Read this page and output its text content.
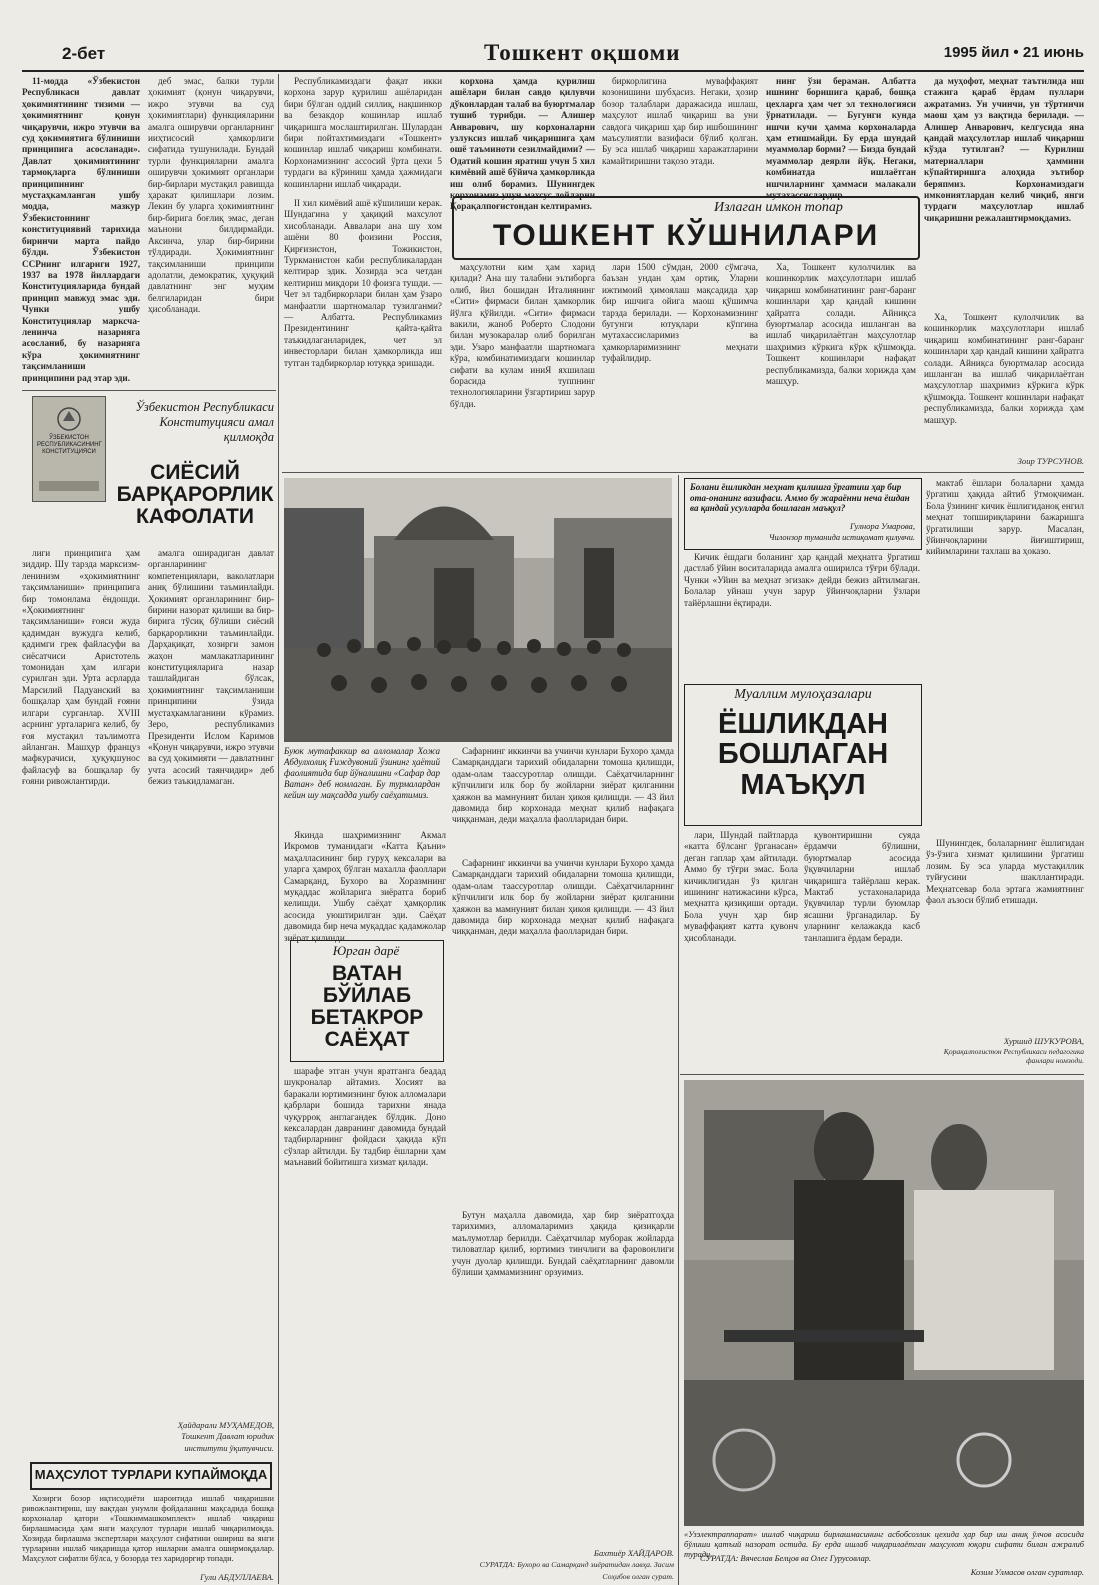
2-бет	Тошкент оқшоми	1995 йил • 21 июнь

11-модда «Ўзбекистон Республикаси давлат ҳокимиятининг тизими — ҳокимиятнинг қонун чиқарувчи, ижро этувчи ва суд ҳокимиятига бўлиниши принципига асосланади». Давлат ҳокимиятининг тармоқларга бўлиниши принципининг мустаҳкамланган ушбу модда, мазкур Ўзбекистоннинг конституциявий тарихида биринчи марта пайдо бўлди. Ўзбекистон ССРнинг илгариги 1927, 1937 ва 1978 йиллардаги Конституцияларида бундай принцип мавжуд эмас эди. Чунки ушбу Конституциялар марксча-ленинча назарияга асосланиб, бу назарияга кўра ҳокимиятнинг тақсимланиши принципини рад этар эди.

деб эмас, балки турли ҳокимият (қонун чиқарувчи, ижро этувчи ва суд ҳокимиятлари) функцияларини амалга оширувчи органларнинг ииҳтисосий ҳамкорлиги сифатида тушунилади. Бундай турли функцияларни амалга оширувчи ҳокимият органлари бир-бирлари мустақил равишда ҳаракат қилишлари лозим. Лекин бу уларга ҳокимиятнинг бир-бирига боғлиқ эмас, деган маънони билдирмайди. Аксинча, улар бир-бирини тўлдиради. Ҳокимиятнинг тақсимланиши принципи адолатли, демократик, ҳуқуқий давлатнинг энг муҳим белгиларидан бири ҳисобланади.

ЎЗБЕКИСТОН РЕСПУБЛИКАСИНИНГ КОНСТИТУЦИЯСИ
Ўзбекистон Республикаси Конституцияси амал қилмоқда
СИЁСИЙ БАРҚАРОРЛИК КАФОЛАТИ

лиги принципига ҳам зиддир. Шу тарзда марксизм-ленинизм «ҳокимиятнинг тақсимланиши» принципига бир томонлама ёндошди. «Ҳокимиятнинг тақсимланиши» ғояси жуда қадимдан вужудга келиб, қадимги грек файласуфи ва сиёсатчиси Аристотель томонидан ҳам илгари сурилган эди. Урта асрларда Марсилий Падуанский ва бошқалар ҳам бундай ғояни илгари сурганлар. XVIII асрнинг урталарига келиб, бу ғоя мустақил таълимотга айланган. Машҳур француз мафкурачиси, ҳуқуқшунос файласуф ва бошқалар бу ғояни ривожлантирди.

амалга оширадиган давлат органларининг компетенциялари, ваколатлари аниқ бўлишини таъминлайди. Ҳокимият органларининг бир-бирини назорат қилиши ва бир-бирига тўсиқ бўлиши сиёсий барқарорликни таъминлайди. Дарҳақиқат, хозирги замон жаҳон мамлакатларининг конституцияларига назар ташлайдиган бўлсак, ҳокимиятнинг тақсимланиши принципини ўзида мустаҳкамлаганини кўрамиз. Зеро, республикамиз Президенти Ислом Каримов «Қонун чиқарувчи, ижро этувчи ва суд ҳокимияти — давлатнинг учта асосий таянчидир» деб бежиз таъкидламаган.

Ҳайдарали МУҲАМЕДОВ,
Тошкент Давлат юридик институти ўқитувчиси.
МАҲСУЛОТ ТУРЛАРИ КУПАЙМОҚДА

Хозирги бозор иқтисодиёти шароитида ишлаб чиқаришни ривожлантириш, шу вақтдан унумли фойдаланиш мақсадида бошқа корхоналар қатори «Тошкиммашкомплект» ишлаб чиқариш бирлашмасида ҳам янги маҳсулот турлари ишлаб чиқарилмоқда. Хозирда бирлашма экспертлари маҳсулот сифатини ошириш ва янги турларини ишлаб чиқаришда қатор ишларни амалга оширмоқдалар. Маҳсулот сифатли бўлса, у бозорда тез харидоргир топади.

Гули АБДУЛЛАЕВА.

Республикамиздаги фақат икки корхона зарур қурилиш ашёларидан бири бўлган оддий силлиқ, нақшинкор ва безакдор кошинлар ишлаб чиқаришга мослаштирилган. Шулардан бири пойтахтимиздаги «Тошкент» кошинлар ишлаб чиқариш комбинати. Корхонамизнинг ассосий ўрта цехи 5 турдаги ва кўриниш ҳамда ҳажмидаги кошинларни ишлаб чиқаради.

корхона ҳамда қурилиш ашёлари билан савдо қилувчи дўконлардан талаб ва буюртмалар тушиб турибди. — Алишер Анварович, шу корхоналарни узлуксиз ишлаб чиқаришига ҳам ошё таъминоти сезилмайдими? — Одатий кошин яратиш учун 5 хил кимёвий ашё бўйича ҳамкорликда иш олиб борамиз. Шунингдек корхонамиз учун махсус лойларни Қорақалпоғистондан келтирамиз.

биркорлигина муваффақият козонишини шубҳасиз. Негаки, ҳозир бозор талаблари даражасида ишлаш, маҳсулот ишлаб чиқариш ва уни савдога чиқариш ҳар бир ишбошининг маъсулиятли вазифаси бўлиб қолган. Бу эса ишлаб чиқариш харажатларини камайтиришни тақозо этади.

нинг ўзи бераман. Албатта ишнинг боришига қараб, бошқа цехларга ҳам чет эл технологияси ўрнатилади. — Бугунги кунда ишчи кучи ҳамма корхоналарда ҳам етишмайди. Бу ерда шундай муаммолар борми? — Бизда бундай муаммолар деярли йўқ. Негаки, комбинатда ишлаётган ишчиларнинг ҳаммаси малакали мутахассислардир.

да муҳофот, меҳнат таътилида иш стажига қараб ёрдам пуллари ажратамиз. Ун учинчи, ун тўртинчи маош ҳам уз вақтида берилади. — Алишер Анварович, келгусида яна қандай маҳсулотлар ишлаб чиқариш кўзда тутилган? — Курилиш материаллари ҳаммини кўпайтиришга алоҳида эътибор беряпмиз. Корхонамиздаги имкониятлардан келиб чиқиб, янги турдаги маҳсулотлар ишлаб чиқаришни режалаштирмоқдамиз.

Излаган имкон топар
ТОШКЕНТ КЎШНИЛАРИ

II хил кимёвий ашё кўшилиши керак. Шундагина у ҳақиқий махсулот хисобланади. Аввалари ана шу хом ашёни 80 фоизини Россия, Қирғизистон, Тожикистон, Туркманистон каби республикалардан келтирар эдик. Хозирда эса четдан келтириш миқдори 10 фоизга тушди. — Чет эл тадбиркорлари билан ҳам ўзаро манфаатли шартномалар тузилганми? — Албатта. Республикамиз Президентининг қайта-қайта таъкидлаганларидек, чет эл инвесторлари билан ҳамкорликда иш тутган тадбиркорлар ютуққа эришади.

маҳсулотни ким ҳам харид қилади? Ана шу талабни эътиборга олиб, йил бошидан Италиянинг «Сити» фирмаси билан ҳамкорлик йўлга қўйилди. «Сити» фирмаси вакили, жаноб Роберто Слодони билан музокаралар олиб борилган эди. Узаро манфаатли шартномага кўра, комбинатимиздаги кошинлар сифати ва кулам иниЯ яхшилаш борасида туппнинг технологияларини ўзгартириш зарур бўлди.

лари 1500 сўмдан, 2000 сўмгача, баъзан ундан ҳам ортиқ. Уларни ижтимоий ҳимоялаш мақсадида ҳар бир ишчига ойига маош қўшимча тарзда берилади. — Корхонамизнинг бугунги ютуқлари кўпгина мутахассисларимиз ва ҳамкорларимизнинг меҳнати туфайлидир.

Ха, Тошкент кулолчилик ва кошинкорлик маҳсулотлари ишлаб чиқариш комбинатининг ранг-баранг кошинлари ҳар қандай кишини ҳайратга солади. Айниқса буюртмалар асосида ишланган ва ишлаб чиқарилаётган маҳсулотлар шаҳримиз кўркига кўрк қўшмоқда. Тошкент кошинлари нафақат республикамизда, балки хорижда ҳам машҳур.

Ха, Тошкент кулолчилик ва кошинкорлик маҳсулотлари ишлаб чиқариш комбинатининг ранг-баранг кошинлари ҳар қандай кишини ҳайратга солади. Айниқса буюртмалар асосида ишланган ва ишлаб чиқарилаётган маҳсулотлар шаҳримиз кўркига кўрк қўшмоқда. Тошкент кошинлари нафақат республикамизда, балки хорижда ҳам машҳур.

Зоир ТУРСУНОВ.
Буюк мутафаккир ва алломалар Хожа Абдулхолиқ Ғиждувоний ўзининг ҳаётий фаолиятида бир йўналишни «Сафар дар Ватан» деб номлаган. Бу турмалардан кейин шу мақсадда ушбу саёҳатимиз.

Сафарнинг иккинчи ва учинчи кунлари Бухоро ҳамда Самарқанддаги тарихий обидаларни томоша қилишди, одам-олам таассуротлар олишди. Саёҳатчиларнинг кўпчилиги илк бор бу жойларни зиёрат қилганини ҳаяжон ва мамнуният билан ҳикоя қилишди. — 43 йил давомида бир корхонада меҳнат қилиб нафақага чиққанман, деди маҳалла фаолларидан бири.

Якинда шаҳримизнинг Акмал Икромов туманидаги «Катта Қаъни» маҳалласининг бир гуруҳ кексалари ва уларга ҳамроҳ бўлган махалла фаоллари Самарқанд, Бухоро ва Хоразмнинг муқаддас жойларига зиёратга бориб келишди. Ушбу саёҳат ҳамқорлик асосида уюштирилган эди. Саёҳат давомида бир неча муқаддас қадамжолар зиёрат қилинди.

Юрган дарё
ВАТАН БЎЙЛАБ БЕТАКРОР САЁҲАТ

Сафарнинг иккинчи ва учинчи кунлари Бухоро ҳамда Самарқанддаги тарихий обидаларни томоша қилишди, одам-олам таассуротлар олишди. Саёҳатчиларнинг кўпчилиги илк бор бу жойларни зиёрат қилганини ҳаяжон ва мамнуният билан ҳикоя қилишди. — 43 йил давомида бир корхонада меҳнат қилиб нафақага чиққанман, деди маҳалла фаолларидан бири.

шарафе этган учун яратганга беадад шукроналар айтамиз. Хосият ва баракали юртимизнинг буюк алломалари қабрлари бошида тарихни янада чуқурроқ англагандек бўлдик. Доно кексалардан давранинг давомида бундай тадбирларнинг фойдаси ҳақида кўп сўзлар айтилди. Бу тадбир ёшларни ҳам маънавий бойитишга хизмат қилади.

Бутун маҳалла давомида, ҳар бир зиёратгоҳда тарихимиз, алломаларимиз ҳақида қизиқарли маълумотлар берилди. Саёҳатчилар муборак жойларда тиловатлар қилиб, юртимиз тинчлиги ва фаровонлиги учун дуолар қилишди. Бундай саёҳатларнинг давомли бўлиши ҳаммамизнинг орзуимиз.

Бахтиёр ХАЙДАРОВ.
СУРАТДА: Бухоро ва Самарқанд зиёратидан лавҳа. Засим Соҳибов олган сурат.
Болани ёшликдан меҳнат қилишга ўргатиш ҳар бир ота-онанинг вазифаси. Аммо бу жараённи неча ёшдан ва қандай усулларда бошлаган маъқул?
Гулнора Умарова,
Чилонзор туманида истиқомат қилувчи.

Кичик ёшдаги боланинг ҳар қандай меҳнатга ўргатиш дастлаб ўйин воситаларида амалга оширилса тўғри бўлади. Чунки «Уйин ва меҳнат эгизак» дейди бежиз айтилмаган. Болалар уйнаш учун зарур ўйинчоқларни ўзлари тайёрлашни ёқтиради.

мактаб ёшлари болаларни ҳамда ўргатиш ҳақида айтиб ўтмоқчиман. Бола ўзининг кичик ёшлигиданоқ енгил меҳнат топшириқларини бажаришга ўргатилиши зарур. Масалан, ўйинчоқларини йиғиштириш, кийимларини тахлаш ва ҳоказо.

Муаллим мулоҳазалари
ЁШЛИКДАН БОШЛАГАН МАЪҚУЛ

лари, Шундай пайтларда «катта бўлсанг ўрганасан» деган гаплар ҳам айтилади. Аммо бу тўғри эмас. Бола кичиклигидан ўз қилган ишининг натижасини кўрса, меҳнатга қизиқиши ортади. Бола учун ҳар бир муваффақият катта қувонч ҳисобланади.

қувонтиришни суяда ёрдамчи бўлишни, буюртмалар асосида ўқувчиларни ишлаб чиқаришга тайёрлаш керак. Мактаб устахоналарида ўқувчилар турли буюмлар ясашни ўрганадилар. Бу уларнинг келажакда касб танлашига ёрдам беради.

Шунингдек, болаларнинг ёшлигидан ўз-ўзига хизмат қилишини ўргатиш лозим. Бу эса уларда мустақиллик туйғусини шакллантиради. Меҳнатсевар бола эртага жамиятнинг фаол аъзоси бўлиб етишади.

Хуршид ШУКУРОВА,
Қорақалпоғистон Республикаси педагогика фанлари номзоди.
«Узэлектраппарат» ишлаб чиқариш бирлашмасининг асбобсозлик цехида ҳар бир иш аниқ ўлчов асосида бўлиши қатъий назорат остида. Бу ерда ишлаб чиқарилаётган маҳсулот юқори сифати билан ажралиб туради.
СУРАТДА: Вячеслав Белцов ва Олег Гурусовлар.
Козим Улмасов олган суратлар.
